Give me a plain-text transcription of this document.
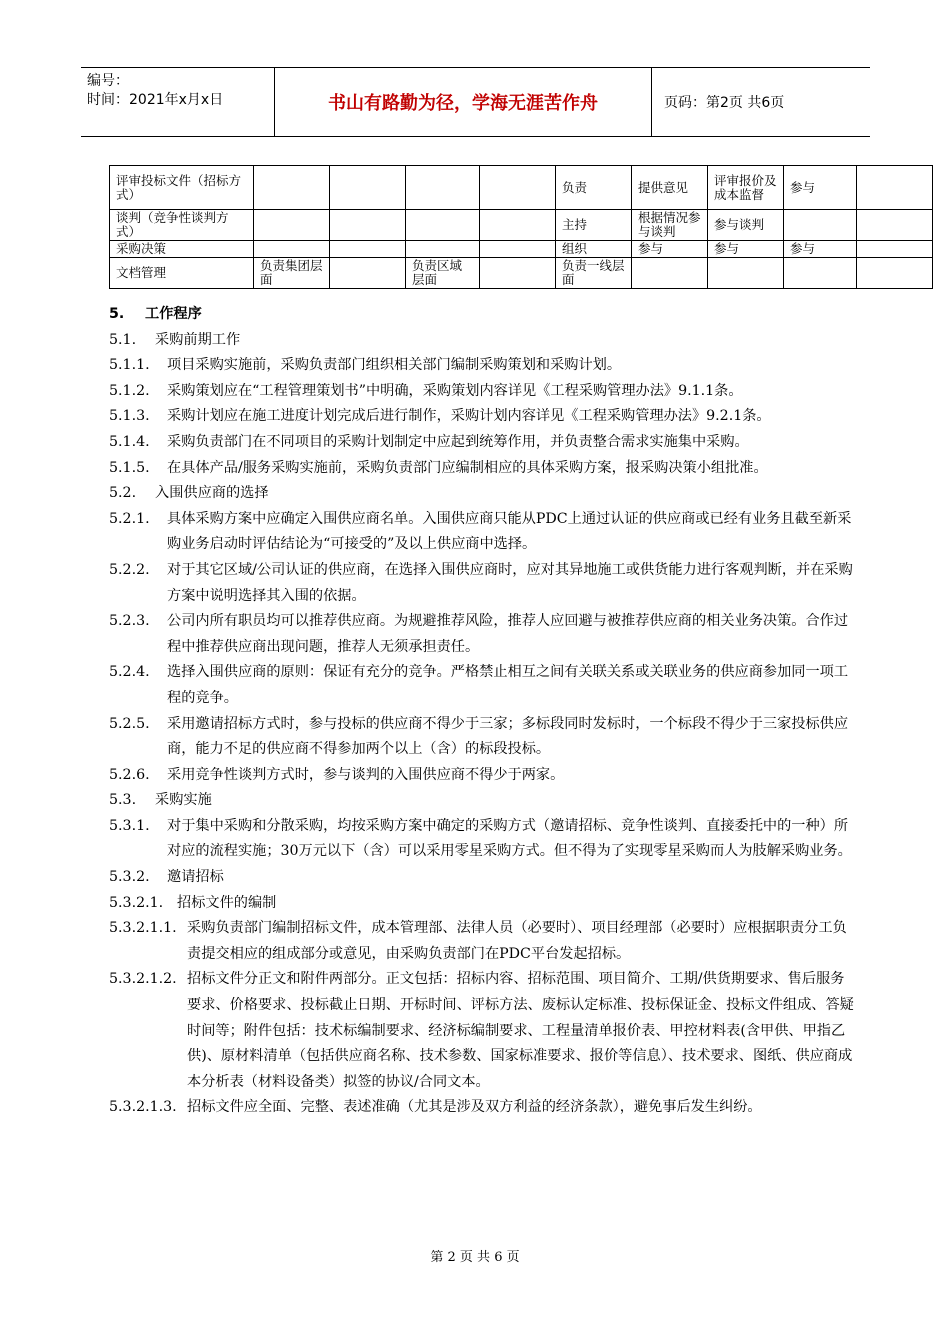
编号：
时间：2021年x月x日	书山有路勤为径，学海无涯苦作舟	页码：第2页 共6页
评审投标文件（招标方式）					负责	提供意见	评审报价及成本监督	参与	
谈判（竞争性谈判方式）					主持	根据情况参与谈判	参与谈判		
采购决策					组织	参与	参与	参与	
文档管理	负责集团层面		负责区域层面		负责一线层面				
5.	工作程序
5.1.	采购前期工作
5.1.1.	项目采购实施前，采购负责部门组织相关部门编制采购策划和采购计划。
5.1.2.	采购策划应在“工程管理策划书”中明确，采购策划内容详见《工程采购管理办法》9.1.1条。
5.1.3.	采购计划应在施工进度计划完成后进行制作，采购计划内容详见《工程采购管理办法》9.2.1条。
5.1.4.	采购负责部门在不同项目的采购计划制定中应起到统筹作用，并负责整合需求实施集中采购。
5.1.5.	在具体产品/服务采购实施前，采购负责部门应编制相应的具体采购方案，报采购决策小组批准。
5.2.	入围供应商的选择
5.2.1.	具体采购方案中应确定入围供应商名单。入围供应商只能从PDC上通过认证的供应商或已经有业务且截至新采购业务启动时评估结论为“可接受的”及以上供应商中选择。
5.2.2.	对于其它区域/公司认证的供应商，在选择入围供应商时，应对其异地施工或供货能力进行客观判断，并在采购方案中说明选择其入围的依据。
5.2.3.	公司内所有职员均可以推荐供应商。为规避推荐风险，推荐人应回避与被推荐供应商的相关业务决策。合作过程中推荐供应商出现问题，推荐人无须承担责任。
5.2.4.	选择入围供应商的原则：保证有充分的竞争。严格禁止相互之间有关联关系或关联业务的供应商参加同一项工程的竞争。
5.2.5.	采用邀请招标方式时，参与投标的供应商不得少于三家；多标段同时发标时，一个标段不得少于三家投标供应商，能力不足的供应商不得参加两个以上（含）的标段投标。
5.2.6.	采用竞争性谈判方式时，参与谈判的入围供应商不得少于两家。
5.3.	采购实施
5.3.1.	对于集中采购和分散采购，均按采购方案中确定的采购方式（邀请招标、竞争性谈判、直接委托中的一种）所对应的流程实施；30万元以下（含）可以采用零星采购方式。但不得为了实现零星采购而人为肢解采购业务。
5.3.2.	邀请招标
5.3.2.1. 招标文件的编制
5.3.2.1.1. 采购负责部门编制招标文件，成本管理部、法律人员（必要时）、项目经理部（必要时）应根据职责分工负责提交相应的组成部分或意见，由采购负责部门在PDC平台发起招标。
5.3.2.1.2. 招标文件分正文和附件两部分。正文包括：招标内容、招标范围、项目简介、工期/供货期要求、售后服务要求、价格要求、投标截止日期、开标时间、评标方法、废标认定标准、投标保证金、投标文件组成、答疑时间等；附件包括：技术标编制要求、经济标编制要求、工程量清单报价表、甲控材料表(含甲供、甲指乙供)、原材料清单（包括供应商名称、技术参数、国家标准要求、报价等信息）、技术要求、图纸、供应商成本分析表（材料设备类）拟签的协议/合同文本。
5.3.2.1.3. 招标文件应全面、完整、表述准确（尤其是涉及双方利益的经济条款），避免事后发生纠纷。
第 2 页 共 6 页
